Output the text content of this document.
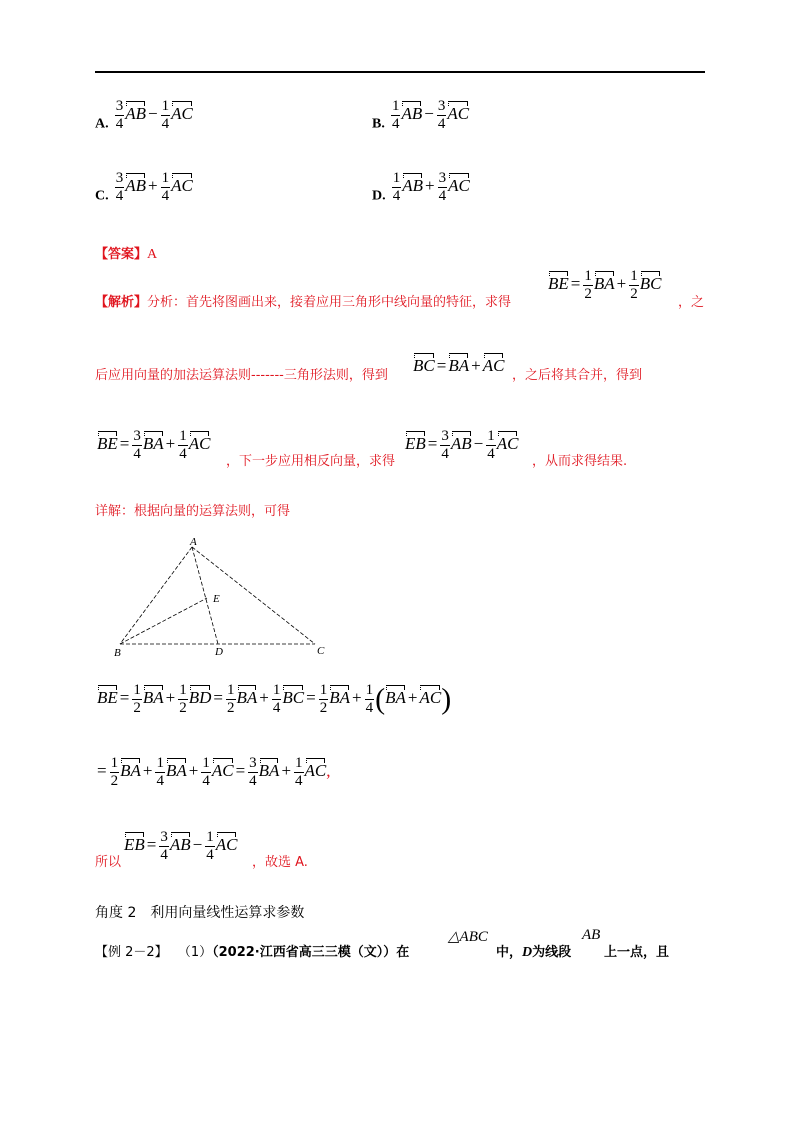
A. $\frac{3}{4}$ AB − $\frac{1}{4}$ AC
B. $\frac{1}{4}$ AB − $\frac{3}{4}$ AC
C. $\frac{3}{4}$ AB + $\frac{1}{4}$ AC
D. $\frac{1}{4}$ AB + $\frac{3}{4}$ AC
【答案】A
【解析】分析：首先将图画出来，接着应用三角形中线向量的特征，求得
BE = $\frac{1}{2}$ BA + $\frac{1}{2}$ BC
，之
后应用向量的加法运算法则-------三角形法则，得到
BC = BA + AC
，之后将其合并，得到
BE = $\frac{3}{4}$ BA + $\frac{1}{4}$ AC
，下一步应用相反向量，求得
EB = $\frac{3}{4}$ AB − $\frac{1}{4}$ AC
，从而求得结果.
详解：根据向量的运算法则，可得
A
B	C
D
E
BE = $\frac{1}{2}$ BA + $\frac{1}{2}$ BD = $\frac{1}{2}$ BA + $\frac{1}{4}$ BC = $\frac{1}{2}$ BA + $\frac{1}{4} (BA + AC)$
= $\frac{1}{2}$ BA + $\frac{1}{4}$ BA + $\frac{1}{4}$ AC = $\frac{3}{4}$ BA + $\frac{1}{4}$ AC,
所以
EB = $\frac{3}{4}$ AB − $\frac{1}{4}$ AC
，故选 A.
角度 2　利用向量线性运算求参数
【例 2－2】 （1）（2022·江西省高三三模（文））在
△ABC
中，D为线段
AB
上一点，且
